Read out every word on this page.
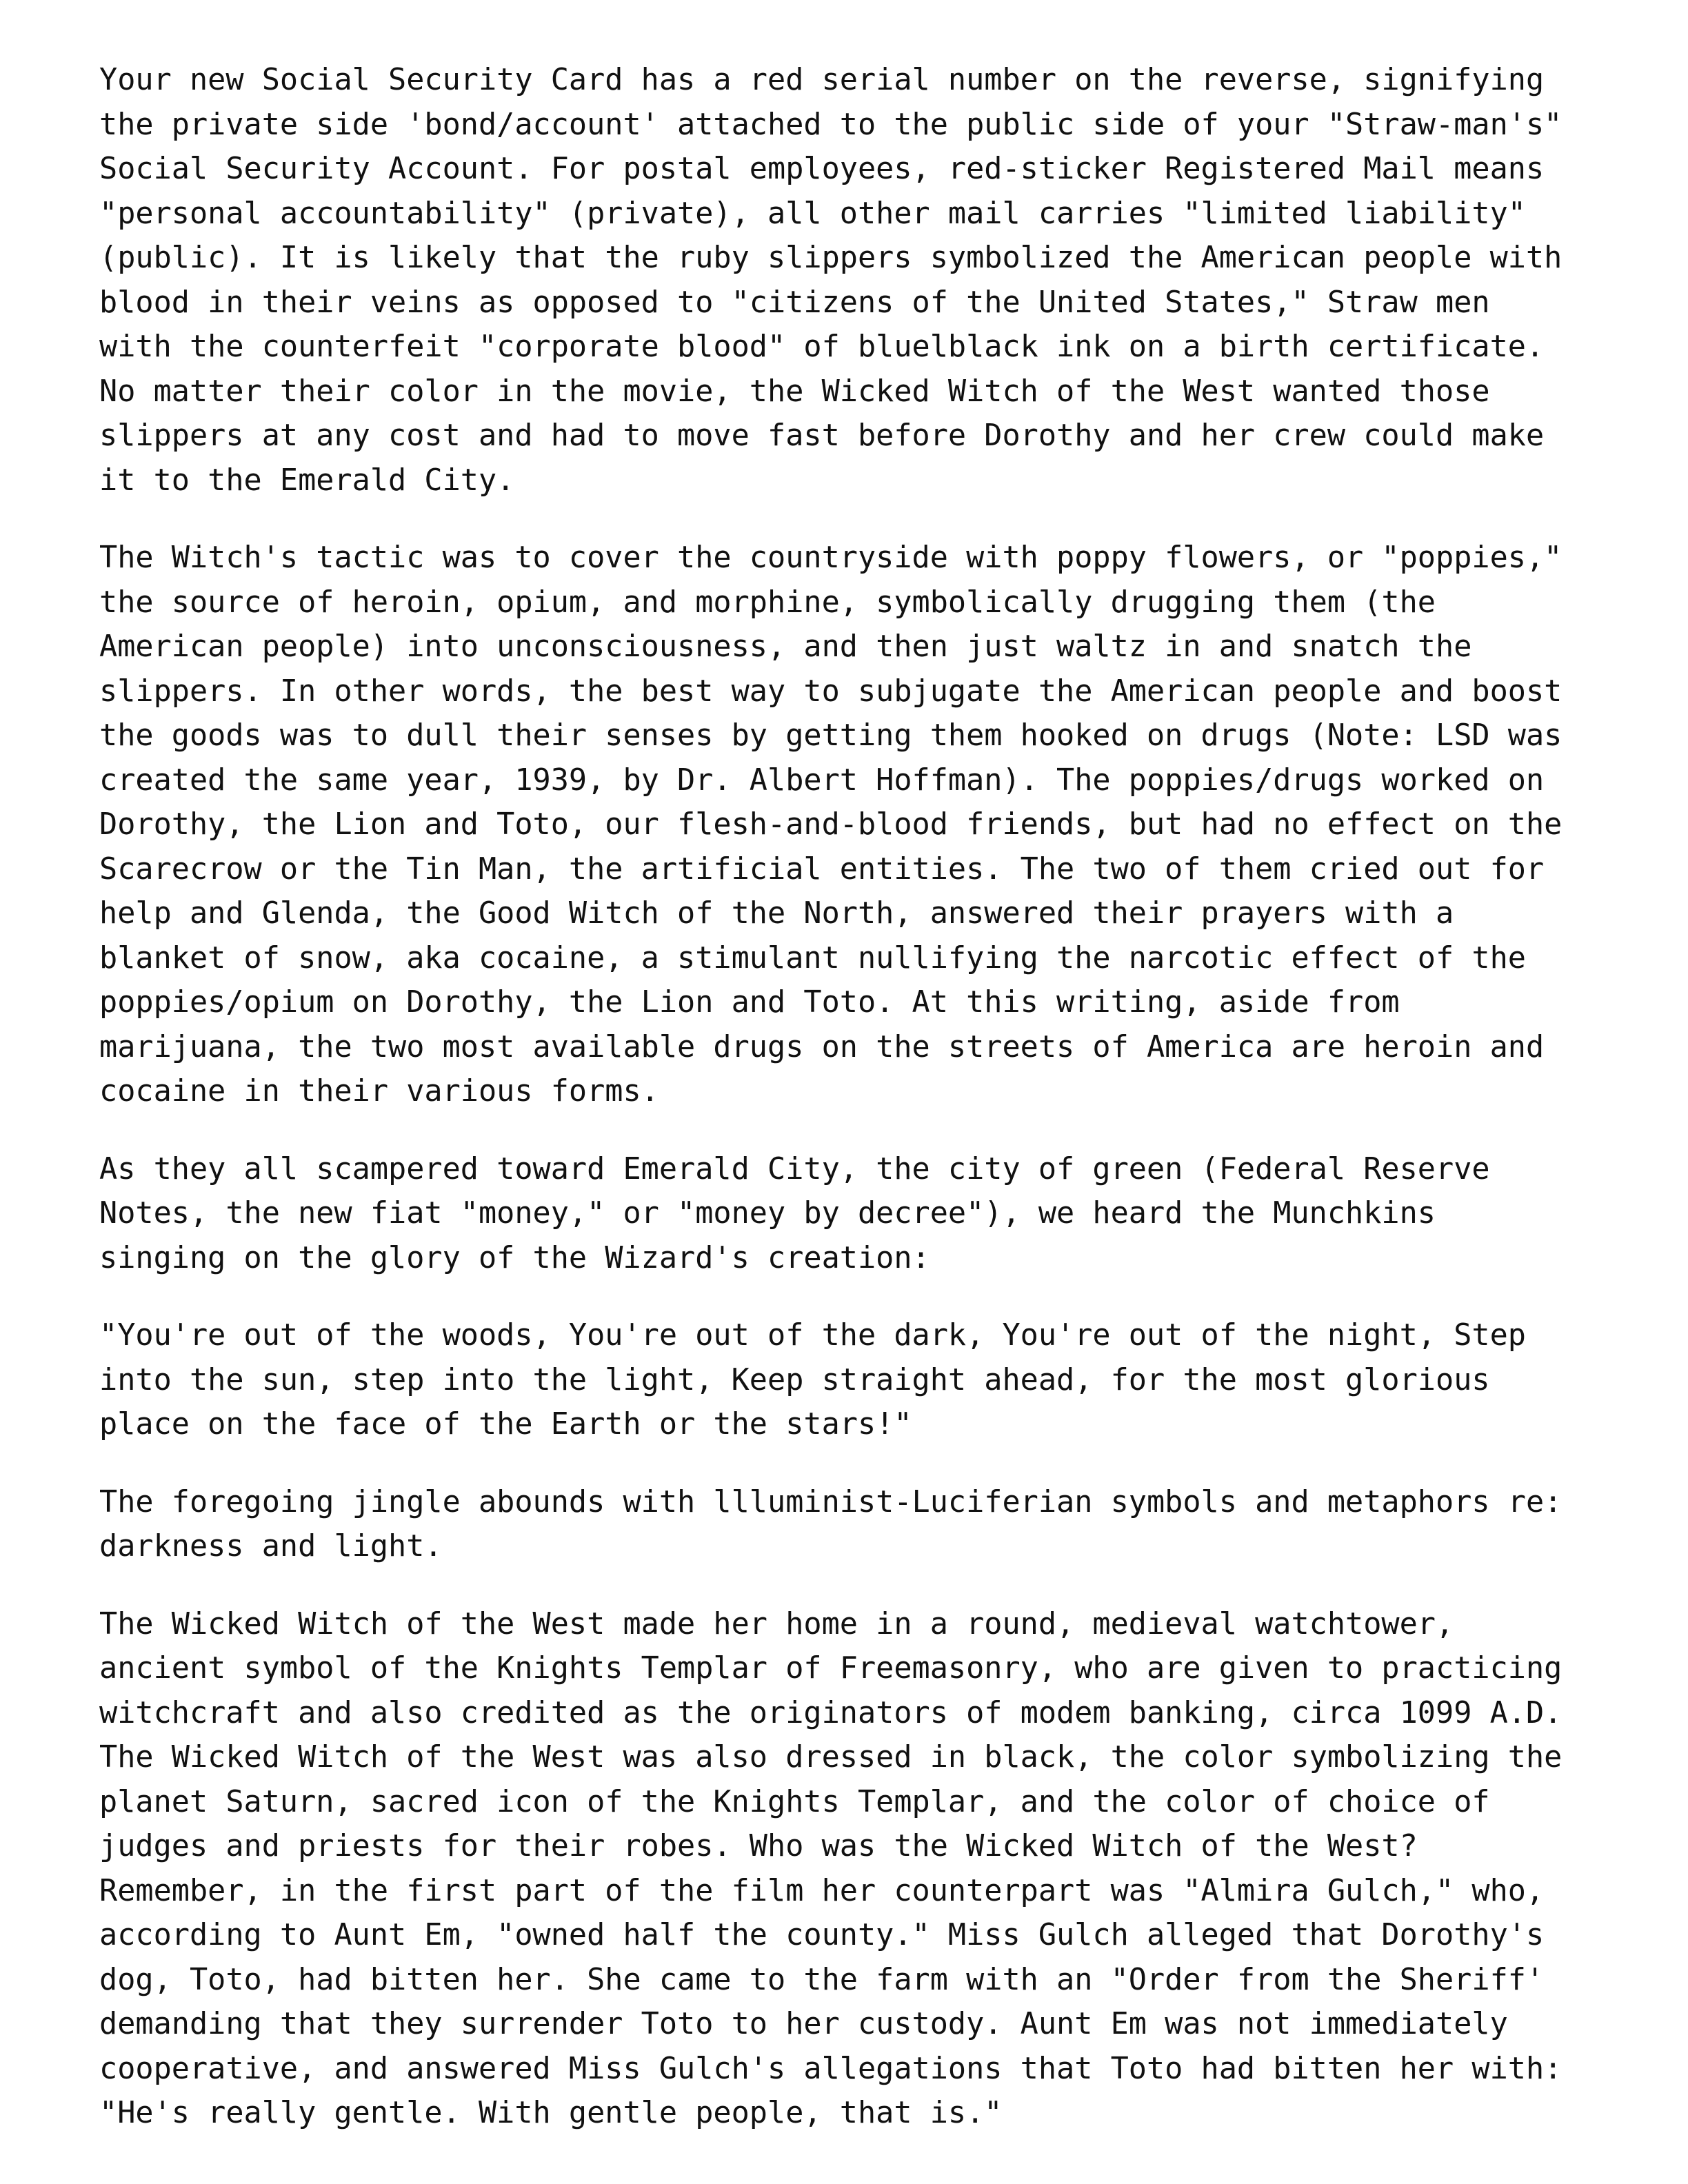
Your new Social Security Card has a red serial number on the reverse, signifying
the private side 'bond/account' attached to the public side of your "Straw-man's"
Social Security Account. For postal employees, red-sticker Registered Mail means
"personal accountability" (private), all other mail carries "limited liability"
(public). It is likely that the ruby slippers symbolized the American people with
blood in their veins as opposed to "citizens of the United States," Straw men
with the counterfeit "corporate blood" of bluelblack ink on a birth certificate.
No matter their color in the movie, the Wicked Witch of the West wanted those
slippers at any cost and had to move fast before Dorothy and her crew could make
it to the Emerald City.

The Witch's tactic was to cover the countryside with poppy flowers, or "poppies,"
the source of heroin, opium, and morphine, symbolically drugging them (the
American people) into unconsciousness, and then just waltz in and snatch the
slippers. In other words, the best way to subjugate the American people and boost
the goods was to dull their senses by getting them hooked on drugs (Note: LSD was
created the same year, 1939, by Dr. Albert Hoffman). The poppies/drugs worked on
Dorothy, the Lion and Toto, our flesh-and-blood friends, but had no effect on the
Scarecrow or the Tin Man, the artificial entities. The two of them cried out for
help and Glenda, the Good Witch of the North, answered their prayers with a
blanket of snow, aka cocaine, a stimulant nullifying the narcotic effect of the
poppies/opium on Dorothy, the Lion and Toto. At this writing, aside from
marijuana, the two most available drugs on the streets of America are heroin and
cocaine in their various forms.

As they all scampered toward Emerald City, the city of green (Federal Reserve
Notes, the new fiat "money," or "money by decree"), we heard the Munchkins
singing on the glory of the Wizard's creation:

"You're out of the woods, You're out of the dark, You're out of the night, Step
into the sun, step into the light, Keep straight ahead, for the most glorious
place on the face of the Earth or the stars!"

The foregoing jingle abounds with llluminist-Luciferian symbols and metaphors re:
darkness and light.

The Wicked Witch of the West made her home in a round, medieval watchtower,
ancient symbol of the Knights Templar of Freemasonry, who are given to practicing
witchcraft and also credited as the originators of modem banking, circa 1099 A.D.
The Wicked Witch of the West was also dressed in black, the color symbolizing the
planet Saturn, sacred icon of the Knights Templar, and the color of choice of
judges and priests for their robes. Who was the Wicked Witch of the West?
Remember, in the first part of the film her counterpart was "Almira Gulch," who,
according to Aunt Em, "owned half the county." Miss Gulch alleged that Dorothy's
dog, Toto, had bitten her. She came to the farm with an "Order from the Sheriff'
demanding that they surrender Toto to her custody. Aunt Em was not immediately
cooperative, and answered Miss Gulch's allegations that Toto had bitten her with:
"He's really gentle. With gentle people, that is."
